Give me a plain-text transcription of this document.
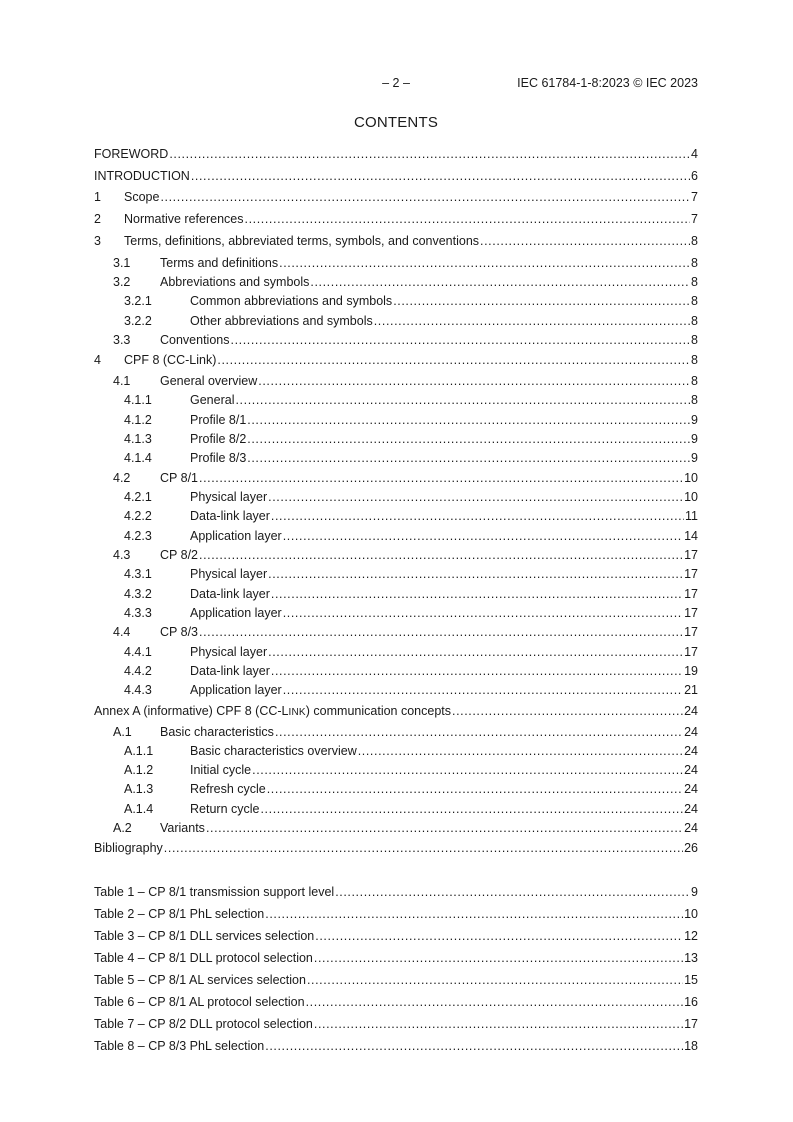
– 2 –	IEC 61784-1-8:2023 © IEC 2023
CONTENTS
FOREWORD .....	4
INTRODUCTION .....	6
1	Scope .....	7
2	Normative references .....	7
3	Terms, definitions, abbreviated terms, symbols, and conventions .....	8
3.1	Terms and definitions .....	8
3.2	Abbreviations and symbols .....	8
3.2.1	Common abbreviations and symbols .....	8
3.2.2	Other abbreviations and symbols .....	8
3.3	Conventions .....	8
4	CPF 8 (CC-Link) .....	8
4.1	General overview .....	8
4.1.1	General .....	8
4.1.2	Profile 8/1 .....	9
4.1.3	Profile 8/2 .....	9
4.1.4	Profile 8/3 .....	9
4.2	CP 8/1 .....	10
4.2.1	Physical layer .....	10
4.2.2	Data-link layer .....	11
4.2.3	Application layer .....	14
4.3	CP 8/2 .....	17
4.3.1	Physical layer .....	17
4.3.2	Data-link layer .....	17
4.3.3	Application layer .....	17
4.4	CP 8/3 .....	17
4.4.1	Physical layer .....	17
4.4.2	Data-link layer .....	19
4.4.3	Application layer .....	21
Annex A (informative) CPF 8 (CC-LINK) communication concepts .....	24
A.1	Basic characteristics .....	24
A.1.1	Basic characteristics overview .....	24
A.1.2	Initial cycle .....	24
A.1.3	Refresh cycle .....	24
A.1.4	Return cycle .....	24
A.2	Variants .....	24
Bibliography .....	26
Table 1 – CP 8/1 transmission support level .....	9
Table 2 – CP 8/1 PhL selection .....	10
Table 3 – CP 8/1 DLL services selection .....	12
Table 4 – CP 8/1 DLL protocol selection .....	13
Table 5 – CP 8/1 AL services selection .....	15
Table 6 – CP 8/1 AL protocol selection .....	16
Table 7 – CP 8/2 DLL protocol selection .....	17
Table 8 – CP 8/3 PhL selection .....	18
